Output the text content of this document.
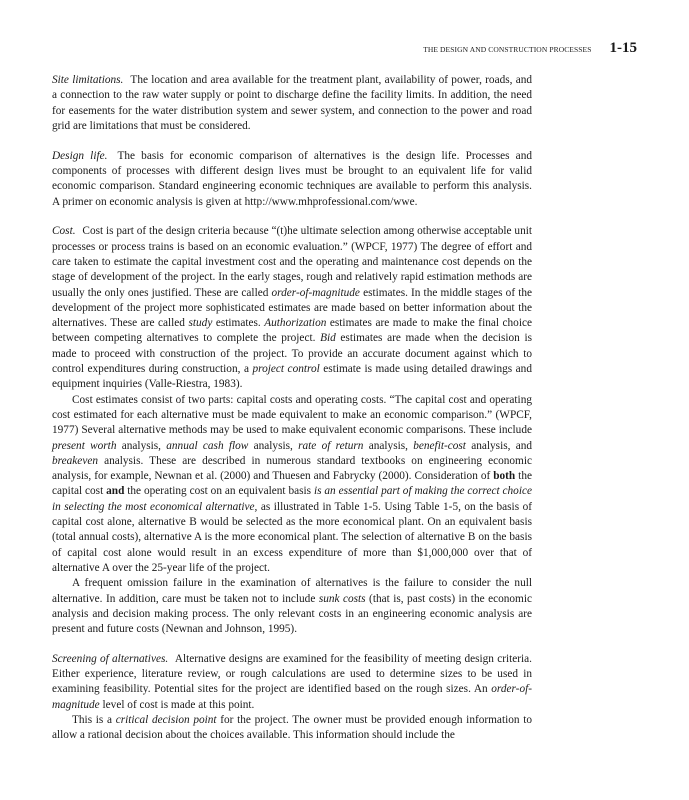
THE DESIGN AND CONSTRUCTION PROCESSES 1-15

Site limitations. The location and area available for the treatment plant, availability of power, roads, and a connection to the raw water supply or point to discharge define the facility limits. In addition, the need for easements for the water distribution system and sewer system, and connection to the power and road grid are limitations that must be considered.

Design life. The basis for economic comparison of alternatives is the design life. Processes and components of processes with different design lives must be brought to an equivalent life for valid economic comparison. Standard engineering economic techniques are available to perform this analysis. A primer on economic analysis is given at http://www.mhprofessional.com/wwe.

Cost. Cost is part of the design criteria because “(t)he ultimate selection among otherwise acceptable unit processes or process trains is based on an economic evaluation.” (WPCF, 1977) The degree of effort and care taken to estimate the capital investment cost and the operating and maintenance cost depends on the stage of development of the project. In the early stages, rough and relatively rapid estimation methods are usually the only ones justified. These are called order-of-magnitude estimates. In the middle stages of the development of the project more sophisticated estimates are made based on better information about the alternatives. These are called study estimates. Authorization estimates are made to make the final choice between competing alternatives to complete the project. Bid estimates are made when the decision is made to proceed with construction of the project. To provide an accurate document against which to control expenditures during construction, a project control estimate is made using detailed drawings and equipment inquiries (Valle-Riestra, 1983).

Cost estimates consist of two parts: capital costs and operating costs. “The capital cost and operating cost estimated for each alternative must be made equivalent to make an economic comparison.” (WPCF, 1977) Several alternative methods may be used to make equivalent economic comparisons. These include present worth analysis, annual cash flow analysis, rate of return analysis, benefit-cost analysis, and breakeven analysis. These are described in numerous standard textbooks on engineering economic analysis, for example, Newnan et al. (2000) and Thuesen and Fabrycky (2000). Consideration of both the capital cost and the operating cost on an equivalent basis is an essential part of making the correct choice in selecting the most economical alternative, as illustrated in Table 1-5. Using Table 1-5, on the basis of capital cost alone, alternative B would be selected as the more economical plant. On an equivalent basis (total annual costs), alternative A is the more economical plant. The selection of alternative B on the basis of capital cost alone would result in an excess expenditure of more than $1,000,000 over that of alternative A over the 25-year life of the project.

A frequent omission failure in the examination of alternatives is the failure to consider the null alternative. In addition, care must be taken not to include sunk costs (that is, past costs) in the economic analysis and decision making process. The only relevant costs in an engineering economic analysis are present and future costs (Newnan and Johnson, 1995).

Screening of alternatives. Alternative designs are examined for the feasibility of meeting design criteria. Either experience, literature review, or rough calculations are used to determine sizes to be used in examining feasibility. Potential sites for the project are identified based on the rough sizes. An order-of-magnitude level of cost is made at this point.

This is a critical decision point for the project. The owner must be provided enough information to allow a rational decision about the choices available. This information should include the
